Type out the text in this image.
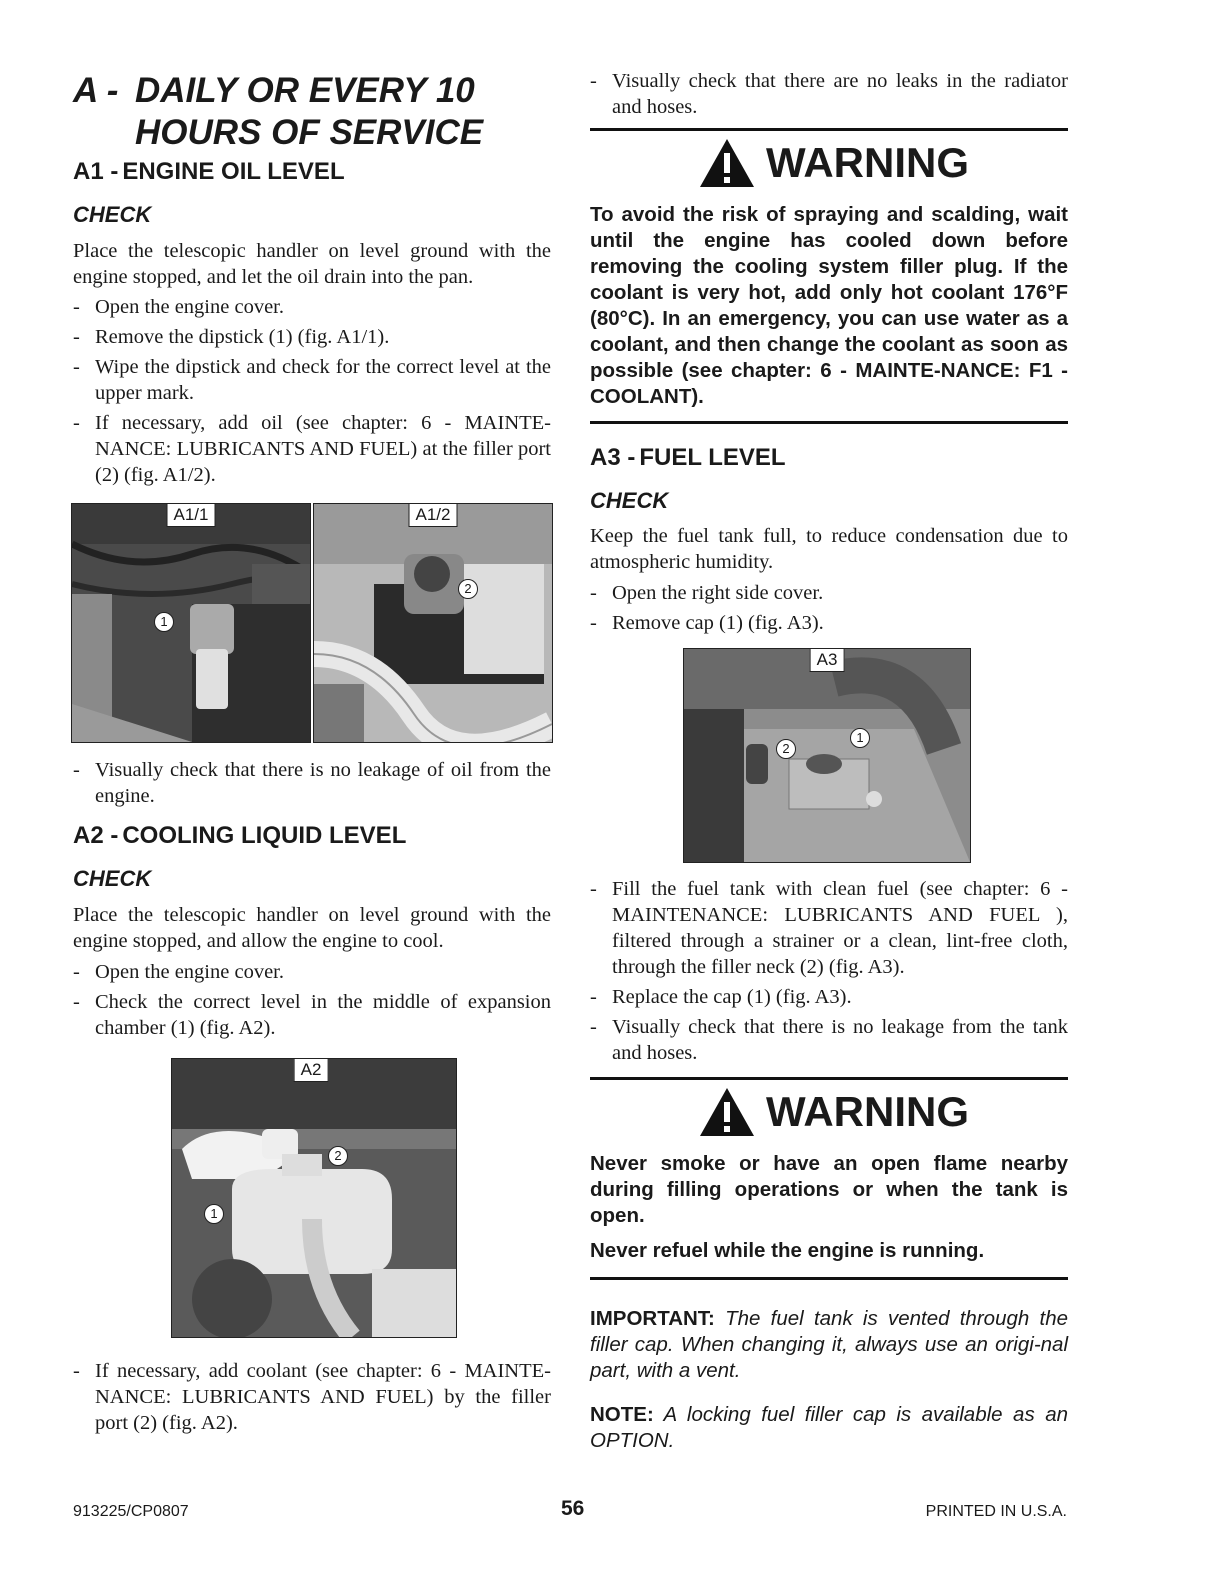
A - DAILY OR EVERY 10
HOURS OF SERVICE
A1 - ENGINE OIL LEVEL
CHECK
Place the telescopic handler on level ground with the engine stopped, and let the oil drain into the pan.
- Open the engine cover.
- Remove the dipstick (1) (fig. A1/1).
- Wipe the dipstick and check for the correct level at the upper mark.
- If necessary, add oil (see chapter: 6 - MAINTE-NANCE: LUBRICANTS AND FUEL) at the filler port (2) (fig. A1/2).
A1/1
1
A1/2
2
- Visually check that there is no leakage of oil from the engine.
A2 - COOLING LIQUID LEVEL
CHECK
Place the telescopic handler on level ground with the engine stopped, and allow the engine to cool.
- Open the engine cover.
- Check the correct level in the middle of expansion chamber (1) (fig. A2).
A2
1
2
- If necessary, add coolant (see chapter: 6 - MAINTE-NANCE: LUBRICANTS AND FUEL) by the filler port (2) (fig. A2).
- Visually check that there are no leaks in the radiator and hoses.
WARNING

To avoid the risk of spraying and scalding, wait until the engine has cooled down before removing the cooling system filler plug. If the coolant is very hot, add only hot coolant 176°F (80°C). In an emergency, you can use water as a coolant, and then change the coolant as soon as possible (see chapter: 6 - MAINTE-NANCE: F1 - COOLANT).

A3 - FUEL LEVEL
CHECK
Keep the fuel tank full, to reduce condensation due to atmospheric humidity.
- Open the right side cover.
- Remove cap (1) (fig. A3).
A3
1
2
- Fill the fuel tank with clean fuel (see chapter: 6 - MAINTENANCE: LUBRICANTS AND FUEL ), filtered through a strainer or a clean, lint-free cloth, through the filler neck (2) (fig. A3).
- Replace the cap (1) (fig. A3).
- Visually check that there is no leakage from the tank and hoses.
WARNING

Never smoke or have an open flame nearby during filling operations or when the tank is open.

Never refuel while the engine is running.

IMPORTANT: The fuel tank is vented through the filler cap. When changing it, always use an origi-nal part, with a vent.

NOTE: A locking fuel filler cap is available as an OPTION.

913225/CP0807	56	PRINTED IN U.S.A.
